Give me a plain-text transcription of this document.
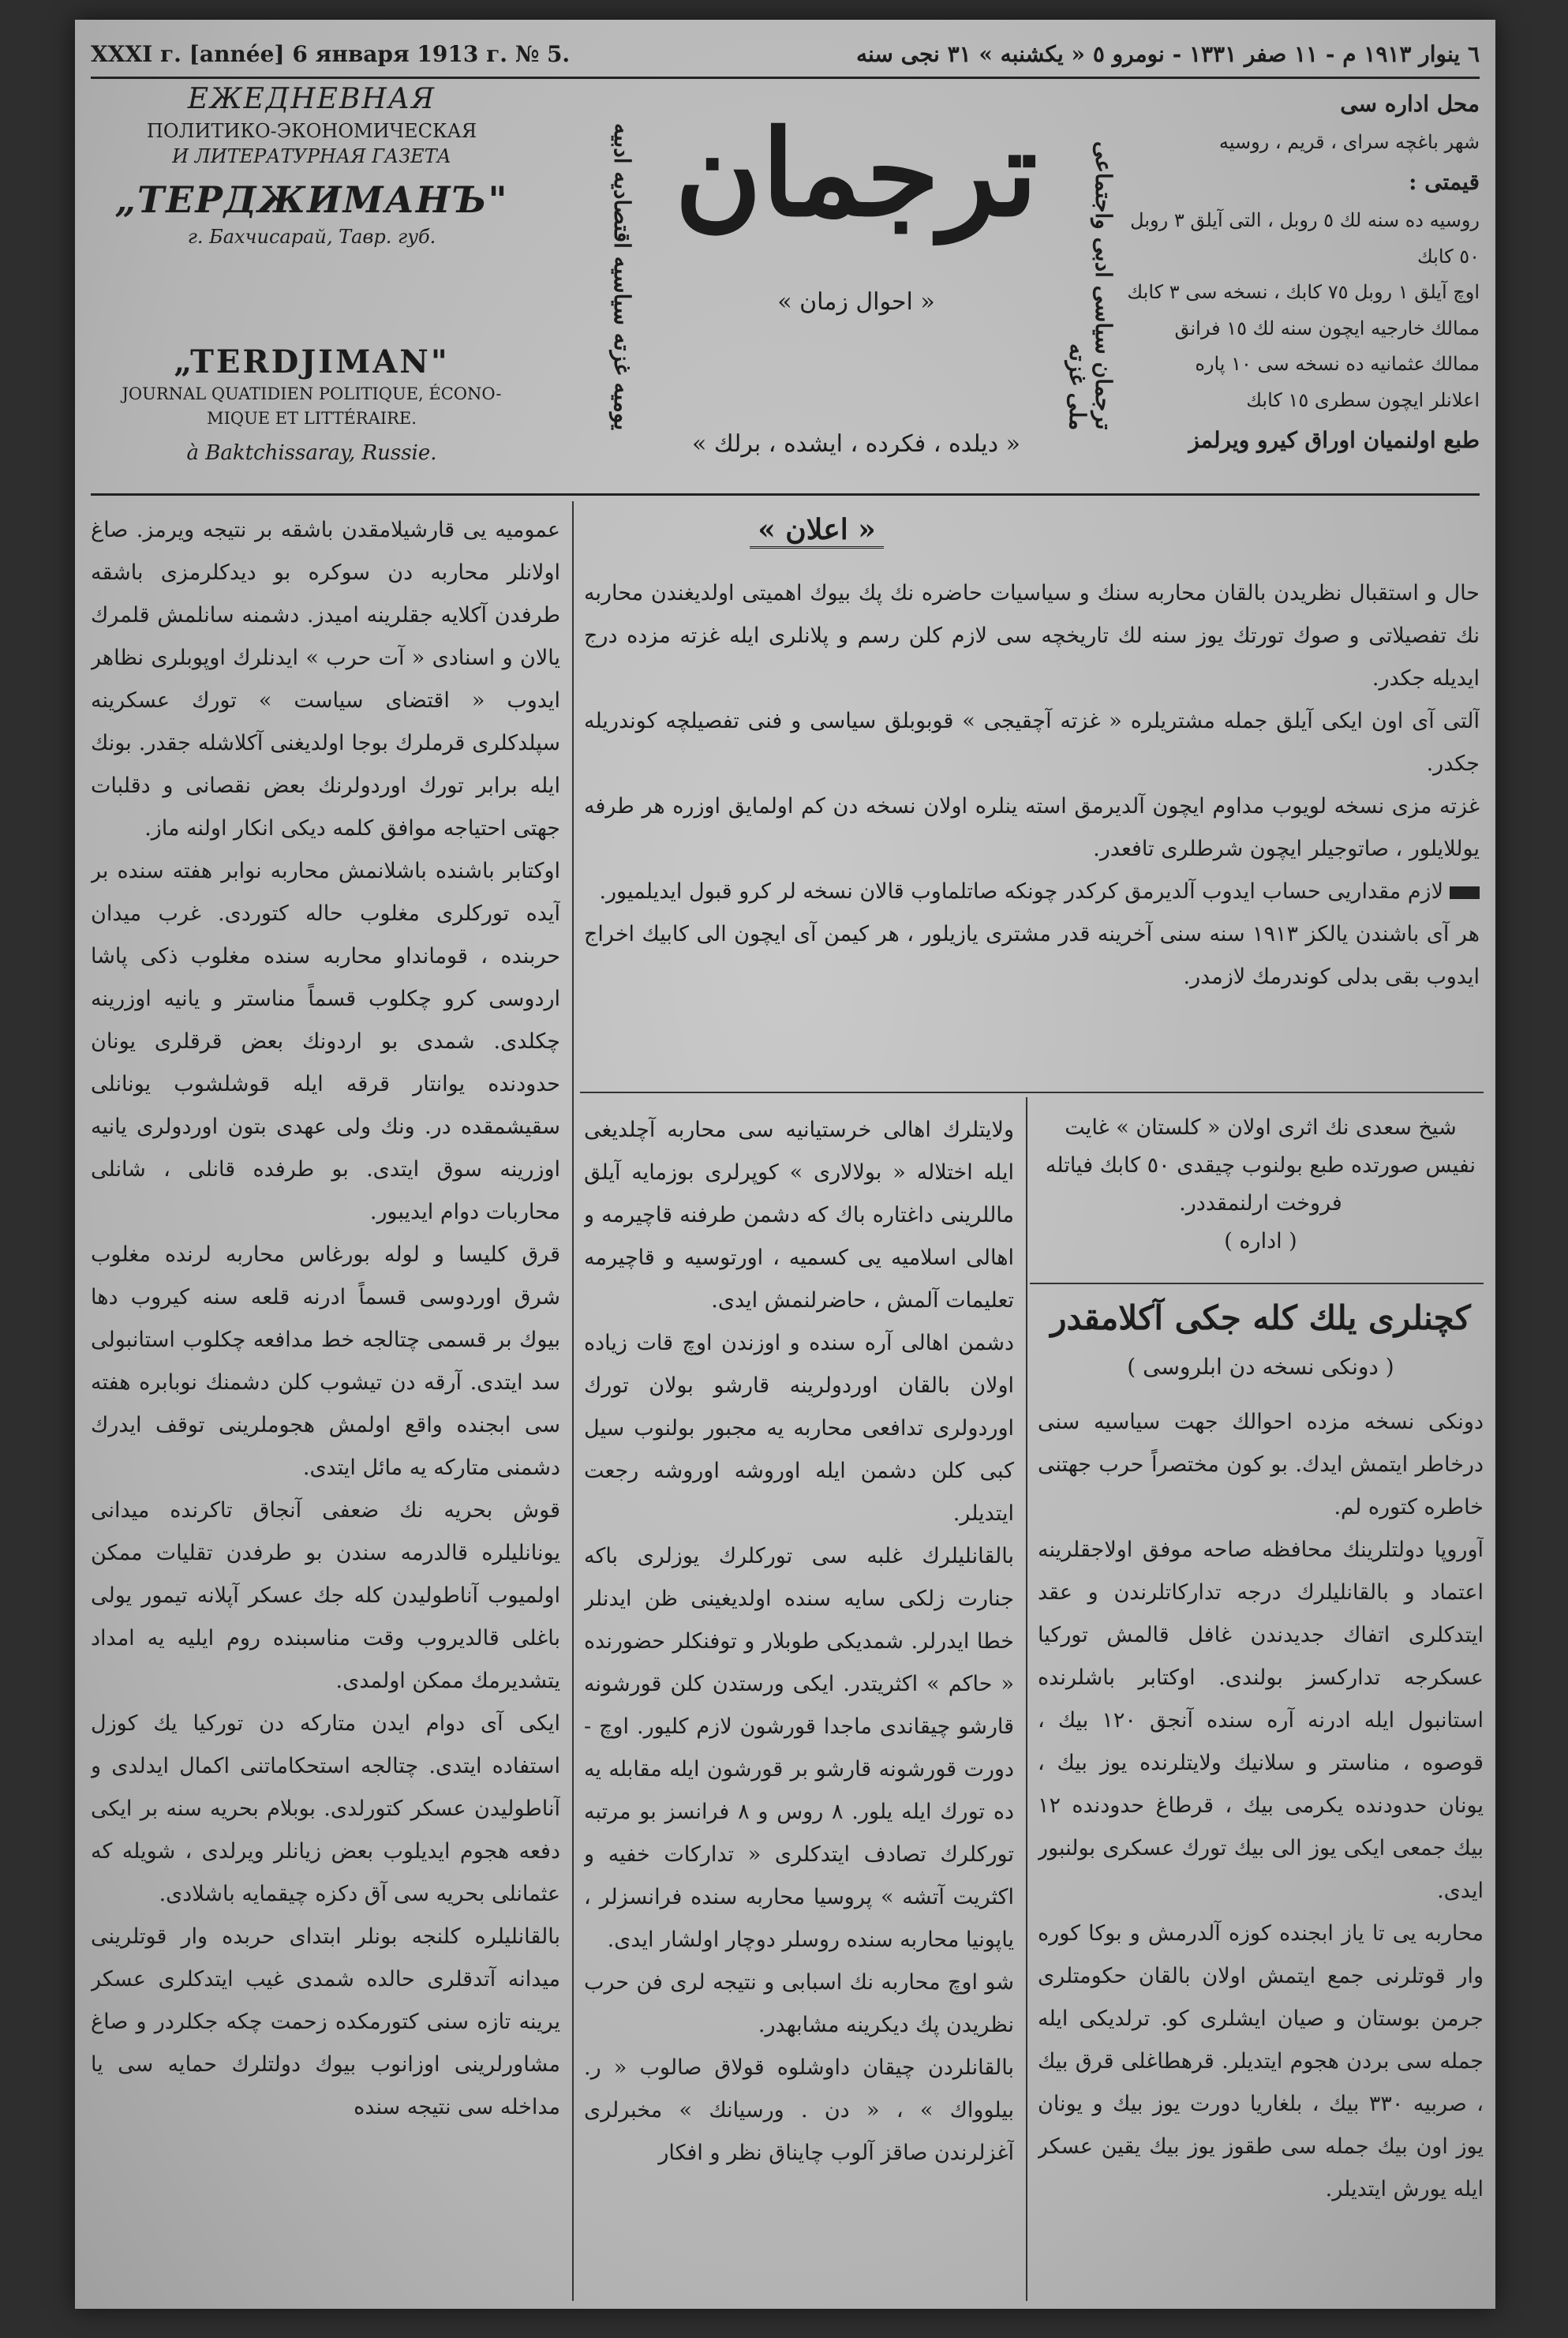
XXXI г. [année] 6 января 1913 г. № 5.	٦ ينوار ١٩١٣ م - ١١ صفر ١٣٣١ - نومرو ٥ « يكشنبه » ٣١ نجى سنه
ЕЖЕДНЕВНАЯ
ПОЛИТИКО-ЭКОНОМИЧЕСКАЯ
И ЛИТЕРАТУРНАЯ ГАЗЕТА
„ТЕРДЖИМАНЪ"
г. Бахчисарай, Тавр. губ.
„TERDJIMAN"
JOURNAL QUATIDIEN POLITIQUE, ÉCONO-
MIQUE ET LITTÉRAIRE.
à Baktchissaray, Russie.
يوميه غزته سياسيه اقتصاديه ادبيه ترجمان
« احوال زمان »	ترجمان سياسى ادبى واجتماعى ملى غزته
« ديلده ، فكرده ، ايشده ، برلك »
محل اداره سى
شهر باغچه سراى ، قريم ، روسيه
قيمتى :
روسيه ده سنه لك ٥ روبل ، التى آيلق ٣ روبل ٥٠ كابك
اوچ آيلق ١ روبل ٧٥ كابك ، نسخه سى ٣ كابك
ممالك خارجيه ايچون سنه لك ١٥ فرانق
ممالك عثمانيه ده نسخه سى ١٠ پاره
اعلانلر ايچون سطرى ١٥ كابك
طبع اولنميان اوراق كيرو ويرلمز

عموميه يى قارشيلامقدن باشقه بر نتيجه ويرمز. صاغ اولانلر محاربه دن سوكره بو ديدكلرمزى باشقه طرفدن آكلايه جقلرينه اميدز. دشمنه سانلمش قلمرك يالان و اسنادى « آت حرب » ايدنلرك اوپوبلرى نظاهر ايدوب « اقتضاى سياست » تورك عسكرينه سپلدكلرى قرملرك بوجا اولديغنى آكلاشله جقدر. بونك ايله برابر تورك اوردولرنك بعض نقصانى و دقلبات جهتى احتياجه موافق كلمه ديكى انكار اولنه ماز.

اوكتابر باشنده باشلانمش محاربه نوابر هفته سنده بر آيده توركلرى مغلوب حاله كتوردى. غرب ميدان حربنده ، قومانداو محاربه سنده مغلوب ذكى پاشا اردوسى كرو چكلوب قسماً مناستر و يانيه اوزرينه چكلدى. شمدى بو اردونك بعض قرقلرى يونان حدودنده يوانتار قرقه ايله قوشلشوب يونانلى سقيشمقده در. ونك ولى عهدى بتون اوردولرى يانيه اوزرينه سوق ايتدى. بو طرفده قانلى ، شانلى محاربات دوام ايديبور.

قرق كليسا و لوله بورغاس محاربه لرنده مغلوب شرق اوردوسى قسماً ادرنه قلعه سنه كيروب دها بيوك بر قسمى چتالجه خط مدافعه چكلوب استانبولى سد ايتدى. آرقه دن تيشوب كلن دشمنك نوبابره هفته سى ابجنده واقع اولمش هجوملرينى توقف ايدرك دشمنى متاركه يه مائل ايتدى.

قوش بحريه نك ضعفى آنجاق تاكرنده ميدانى يونانليلره قالدرمه سندن بو طرفدن تقليات ممكن اولميوب آناطوليدن كله جك عسكر آپلانه تيمور يولى باغلى قالديروب وقت مناسبنده روم ايليه يه امداد يتشديرمك ممكن اولمدى.

ايكى آى دوام ايدن متاركه دن توركيا يك كوزل استفاده ايتدى. چتالجه استحكاماتنى اكمال ايدلدى و آناطوليدن عسكر كتورلدى. بوبلام بحريه سنه بر ايكى دفعه هجوم ايديلوب بعض زيانلر ويرلدى ، شويله كه عثمانلى بحريه سى آق دكزه چيقمايه باشلادى.

بالقانليلره كلنجه بونلر ابتداى حربده وار قوتلرينى ميدانه آتدقلرى حالده شمدى غيب ايتدكلرى عسكر يرينه تازه سنى كتورمكده زحمت چكه جكلردر و صاغ مشاورلرينى اوزانوب بيوك دولتلرك حمايه سى يا مداخله سى نتيجه سنده

« اعلان »

حال و استقبال نظريدن بالقان محاربه سنك و سياسيات حاضره نك پك بيوك اهميتى اولديغندن محاربه نك تفصيلاتى و صوك تورتك يوز سنه لك تاريخچه سى لازم كلن رسم و پلانلرى ايله غزته مزده درج ايديله جكدر.

آلتى آى اون ايكى آيلق جمله مشتريلره « غزته آچقيجى » قوبوبلق سياسى و فنى تفصيلچه كوندريله جكدر.

غزته مزى نسخه لويوب مداوم ايچون آلديرمق استه ينلره اولان نسخه دن كم اولمايق اوزره هر طرفه يوللايلور ، صاتوجيلر ايچون شرطلرى تافعدر.

لازم مقداريى حساب ايدوب آلديرمق كركدر چونكه صاتلماوب قالان نسخه لر كرو قبول ايديلميور.

هر آى باشندن يالكز ١٩١٣ سنه سنى آخرينه قدر مشترى يازيلور ، هر كيمن آى ايچون الى كابيك اخراج ايدوب بقى بدلى كوندرمك لازمدر.

ولايتلرك اهالى خرستيانيه سى محاربه آچلديغى ايله اختلاله « بولالارى » كوپرلرى بوزمايه آيلق ماللرينى داغتاره باك كه دشمن طرفنه قاچيرمه و اهالى اسلاميه يى كسميه ، اورتوسيه و قاچيرمه تعليمات آلمش ، حاضرلنمش ايدى.

دشمن اهالى آره سنده و اوزندن اوچ قات زياده اولان بالقان اوردولرينه قارشو بولان تورك اوردولرى تدافعى محاربه يه مجبور بولنوب سيل كبى كلن دشمن ايله اوروشه اوروشه رجعت ايتديلر.

بالقانليلرك غلبه سى توركلرك يوزلرى باكه جنارت زلكى سايه سنده اولديغينى ظن ايدنلر خطا ايدرلر. شمديكى طوبلار و توفنكلر حضورنده « حاكم » اكثريتدر. ايكى ورستدن كلن قورشونه قارشو چيقاندى ماجدا قورشون لازم كليور. اوچ - دورت قورشونه قارشو بر قورشون ايله مقابله يه ده تورك ايله يلور. ٨ روس و ٨ فرانسز بو مرتبه توركلرك تصادف ايتدكلرى « تداركات خفيه و اكثريت آتشه » پروسيا محاربه سنده فرانسزلر ، ياپونيا محاربه سنده روسلر دوچار اولشار ايدى.

شو اوچ محاربه نك اسبابى و نتيجه لرى فن حرب نظريدن پك ديكرينه مشابهدر.

بالقانلردن چيقان داوشلوه قولاق صالوب « ر. بيلوواك » ، « دن . ورسيانك » مخبرلرى آغزلرندن صاقز آلوب چايناق نظر و افكار

شيخ سعدى نك اثرى اولان « كلستان » غايت نفيس صورتده طبع بولنوب چيقدى ٥٠ كابك فياتله فروخت ارلنمقددر.
( اداره )
كچنلرى يلك كله جكى آكلامقدر
( دونكى نسخه دن ابلروسى )

دونكى نسخه مزده احوالك جهت سياسيه سنى درخاطر ايتمش ايدك. بو كون مختصراً حرب جهتنى خاطره كتوره لم.

آوروپا دولتلرينك محافظه صاحه موفق اولاجقلرينه اعتماد و بالقانليلرك درجه تداركاتلرندن و عقد ايتدكلرى اتفاك جديدندن غافل قالمش توركيا عسكرجه تداركسز بولندى. اوكتابر باشلرنده استانبول ايله ادرنه آره سنده آنجق ١٢٠ بيك ، قوصوه ، مناستر و سلانيك ولايتلرنده يوز بيك ، يونان حدودنده يكرمى بيك ، قرطاغ حدودنده ١٢ بيك جمعى ايكى يوز الى بيك تورك عسكرى بولنبور ايدى.

محاربه يى تا ياز ابجنده كوزه آلدرمش و بوكا كوره وار قوتلرنى جمع ايتمش اولان بالقان حكومتلرى جرمن بوستان و صيان ايشلرى كو. ترلديكى ايله جمله سى بردن هجوم ايتديلر. قرهطاغلى قرق بيك ، صربيه ٣٣٠ بيك ، بلغاريا دورت يوز بيك و يونان يوز اون بيك جمله سى طقوز يوز بيك يقين عسكر ايله يورش ايتديلر.
